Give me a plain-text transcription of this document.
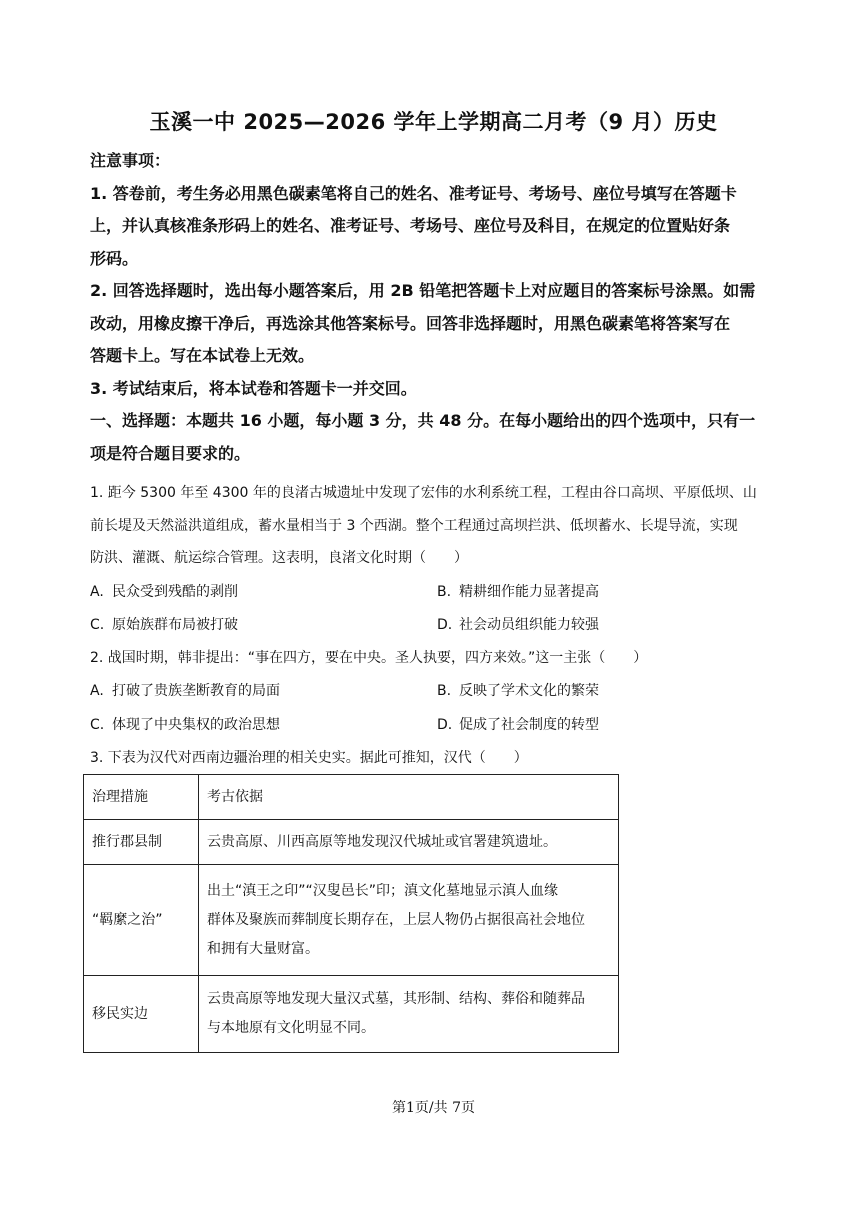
玉溪一中 2025—2026 学年上学期高二月考（9 月）历史

注意事项：

1. 答卷前，考生务必用黑色碳素笔将自己的姓名、准考证号、考场号、座位号填写在答题卡

上，并认真核准条形码上的姓名、准考证号、考场号、座位号及科目，在规定的位置贴好条

形码。

2. 回答选择题时，选出每小题答案后，用 2B 铅笔把答题卡上对应题目的答案标号涂黑。如需

改动，用橡皮擦干净后，再选涂其他答案标号。回答非选择题时，用黑色碳素笔将答案写在

答题卡上。写在本试卷上无效。

3. 考试结束后，将本试卷和答题卡一并交回。

一、选择题：本题共 16 小题，每小题 3 分，共 48 分。在每小题给出的四个选项中，只有一

项是符合题目要求的。

1. 距今 5300 年至 4300 年的良渚古城遗址中发现了宏伟的水利系统工程，工程由谷口高坝、平原低坝、山

前长堤及天然溢洪道组成，蓄水量相当于 3 个西湖。整个工程通过高坝拦洪、低坝蓄水、长堤导流，实现

防洪、灌溉、航运综合管理。这表明，良渚文化时期（　　）

A. 民众受到残酷的剥削	B. 精耕细作能力显著提高
C. 原始族群布局被打破	D. 社会动员组织能力较强

2. 战国时期，韩非提出：“事在四方，要在中央。圣人执要，四方来效。”这一主张（　　）

A. 打破了贵族垄断教育的局面	B. 反映了学术文化的繁荣
C. 体现了中央集权的政治思想	D. 促成了社会制度的转型

3. 下表为汉代对西南边疆治理的相关史实。据此可推知，汉代（　　）

治理措施	考古依据
推行郡县制	云贵高原、川西高原等地发现汉代城址或官署建筑遗址。

“羁縻之治”	出土“滇王之印”“汉叟邑长”印；滇文化墓地显示滇人血缘
群体及聚族而葬制度长期存在，上层人物仍占据很高社会地位
和拥有大量财富。

移民实边	云贵高原等地发现大量汉式墓，其形制、结构、葬俗和随葬品
与本地原有文化明显不同。
第1页/共 7页
